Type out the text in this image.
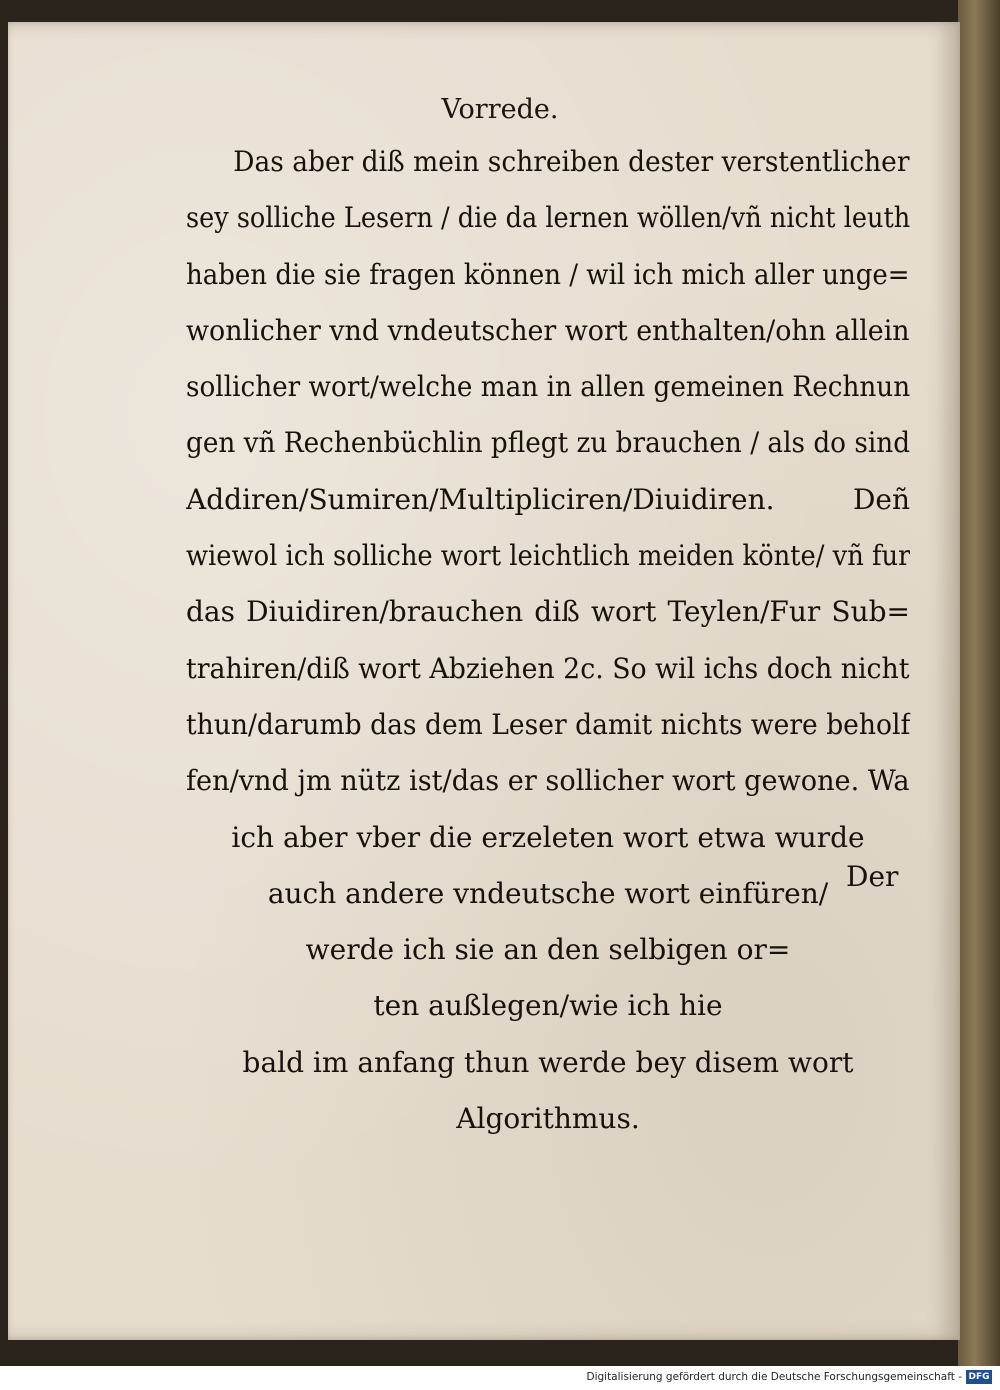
Vorrede.
Das aber diß mein schreiben dester verstentlicher
sey solliche Lesern / die da lernen wöllen/vñ nicht leuth
haben die sie fragen können / wil ich mich aller unge=
wonlicher vnd vndeutscher wort enthalten/ohn allein
sollicher wort/welche man in allen gemeinen Rechnun
gen vñ Rechenbüchlin pflegt zu brauchen / als do sind
Addiren/Sumiren/Multipliciren/Diuidiren. Deñ
wiewol ich solliche wort leichtlich meiden könte/ vñ fur
das Diuidiren/brauchen diß wort Teylen/Fur Sub=
trahiren/diß wort Abziehen 2c. So wil ichs doch nicht
thun/darumb das dem Leser damit nichts were beholf
fen/vnd jm nütz ist/das er sollicher wort gewone. Wa
ich aber vber die erzeleten wort etwa wurde
auch andere vndeutsche wort einfüren/
werde ich sie an den selbigen or=
ten außlegen/wie ich hie
bald im anfang thun werde bey disem wort
Algorithmus.
Der
Digitalisierung gefördert durch die Deutsche Forschungsgemeinschaft - DFG
